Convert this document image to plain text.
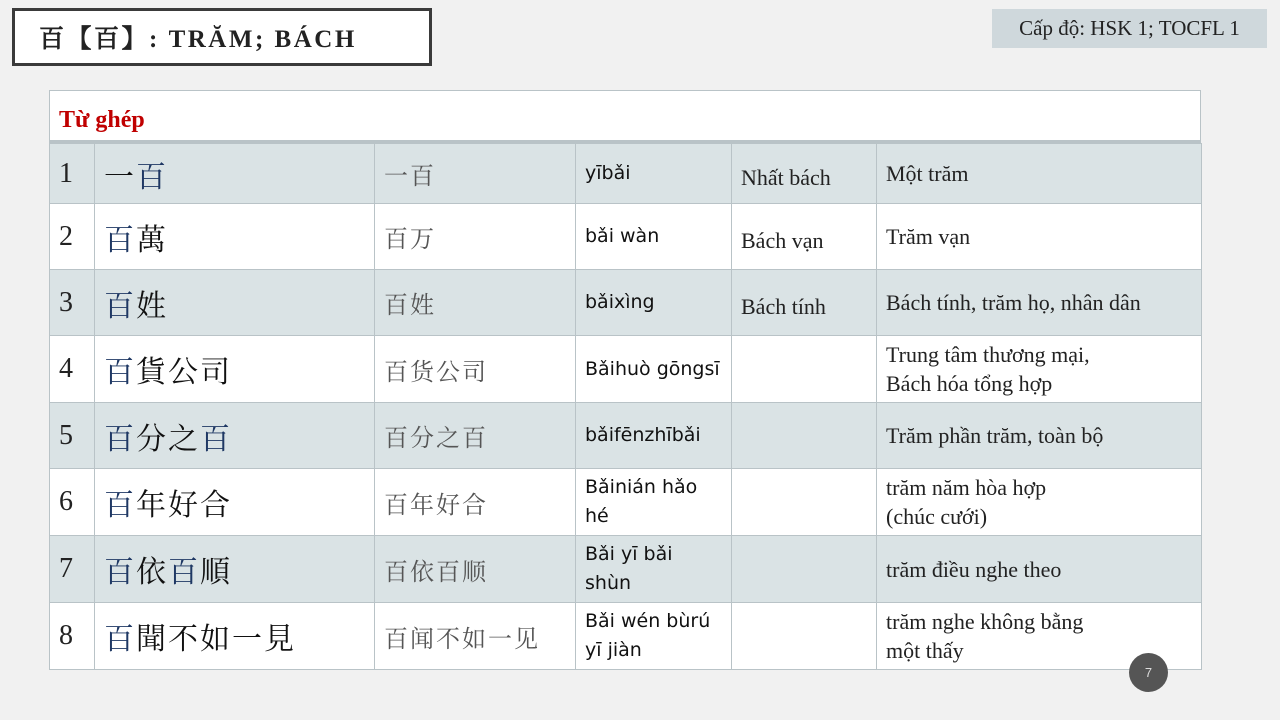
百【百】: TRĂM; BÁCH	Cấp độ: HSK 1; TOCFL 1
Từ ghép
1	一百	一百	yībǎi	Nhất bách	Một trăm
2	百萬	百万	bǎi wàn	Bách vạn	Trăm vạn
3	百姓	百姓	bǎixìng	Bách tính	Bách tính, trăm họ, nhân dân
4	百貨公司	百货公司	Bǎihuò gōngsī		Trung tâm thương mại,
Bách hóa tổng hợp
5	百分之百	百分之百	bǎifēnzhībǎi		Trăm phần trăm, toàn bộ
6	百年好合	百年好合	Bǎinián hǎo hé		trăm năm hòa hợp
(chúc cưới)
7	百依百順	百依百顺	Bǎi yī bǎi shùn		trăm điều nghe theo
8	百聞不如一見	百闻不如一见	Bǎi wén bùrú yī jiàn		trăm nghe không bằng
một thấy
7
